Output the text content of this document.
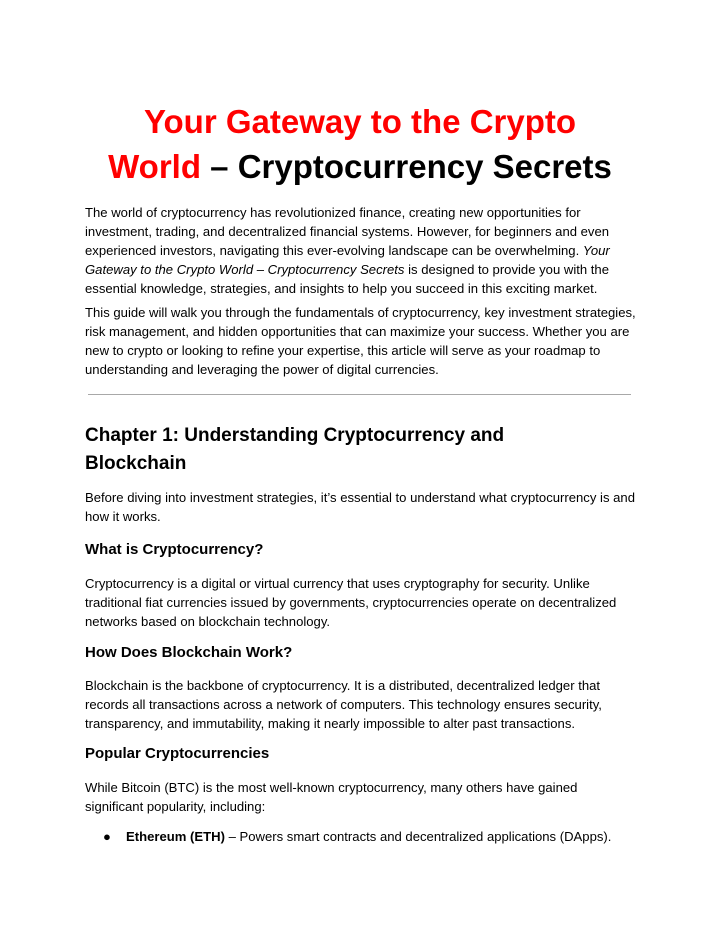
Your Gateway to the Crypto
World – Cryptocurrency Secrets

The world of cryptocurrency has revolutionized finance, creating new opportunities for investment, trading, and decentralized financial systems. However, for beginners and even experienced investors, navigating this ever-evolving landscape can be overwhelming. Your Gateway to the Crypto World – Cryptocurrency Secrets is designed to provide you with the essential knowledge, strategies, and insights to help you succeed in this exciting market.

This guide will walk you through the fundamentals of cryptocurrency, key investment strategies, risk management, and hidden opportunities that can maximize your success. Whether you are new to crypto or looking to refine your expertise, this article will serve as your roadmap to understanding and leveraging the power of digital currencies.

Chapter 1: Understanding Cryptocurrency and Blockchain

Before diving into investment strategies, it’s essential to understand what cryptocurrency is and how it works.

What is Cryptocurrency?

Cryptocurrency is a digital or virtual currency that uses cryptography for security. Unlike traditional fiat currencies issued by governments, cryptocurrencies operate on decentralized networks based on blockchain technology.

How Does Blockchain Work?

Blockchain is the backbone of cryptocurrency. It is a distributed, decentralized ledger that records all transactions across a network of computers. This technology ensures security, transparency, and immutability, making it nearly impossible to alter past transactions.

Popular Cryptocurrencies

While Bitcoin (BTC) is the most well-known cryptocurrency, many others have gained significant popularity, including:

●	Ethereum (ETH) – Powers smart contracts and decentralized applications (DApps).
